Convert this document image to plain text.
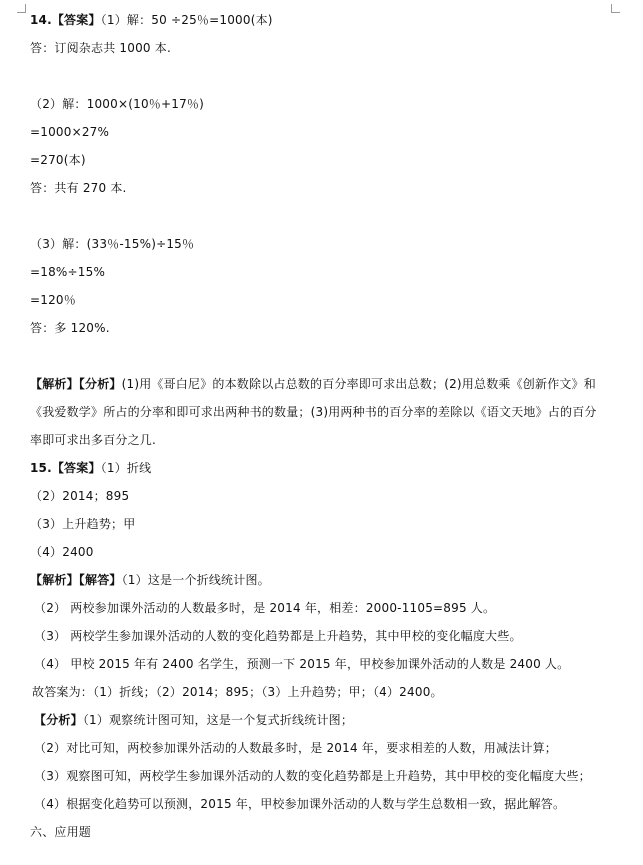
14.【答案】（1）解：50 ÷25％=1000(本)
答：订阅杂志共 1000 本.
（2）解：1000×(10％+17％)
=1000×27%
=270(本)
答：共有 270 本.
（3）解：(33％-15%)÷15％
=18%÷15%
=120％
答：多 120%.
【解析】【分析】(1)用《哥白尼》的本数除以占总数的百分率即可求出总数；(2)用总数乘《创新作文》和
《我爱数学》所占的分率和即可求出两种书的数量；(3)用两种书的百分率的差除以《语文天地》占的百分
率即可求出多百分之几.
15.【答案】（1）折线
（2）2014；895
（3）上升趋势；甲
（4）2400
【解析】【解答】（1）这是一个折线统计图。
（2） 两校参加课外活动的人数最多时，是 2014 年，相差：2000-1105=895 人。
（3） 两校学生参加课外活动的人数的变化趋势都是上升趋势，其中甲校的变化幅度大些。
（4） 甲校 2015 年有 2400 名学生，预测一下 2015 年，甲校参加课外活动的人数是 2400 人。
故答案为：（1）折线；（2）2014；895；（3）上升趋势；甲；（4）2400。
【分析】（1）观察统计图可知，这是一个复式折线统计图；
（2）对比可知，两校参加课外活动的人数最多时，是 2014 年，要求相差的人数，用减法计算；
（3）观察图可知，两校学生参加课外活动的人数的变化趋势都是上升趋势，其中甲校的变化幅度大些；
（4）根据变化趋势可以预测，2015 年，甲校参加课外活动的人数与学生总数相一致，据此解答。
六、应用题
